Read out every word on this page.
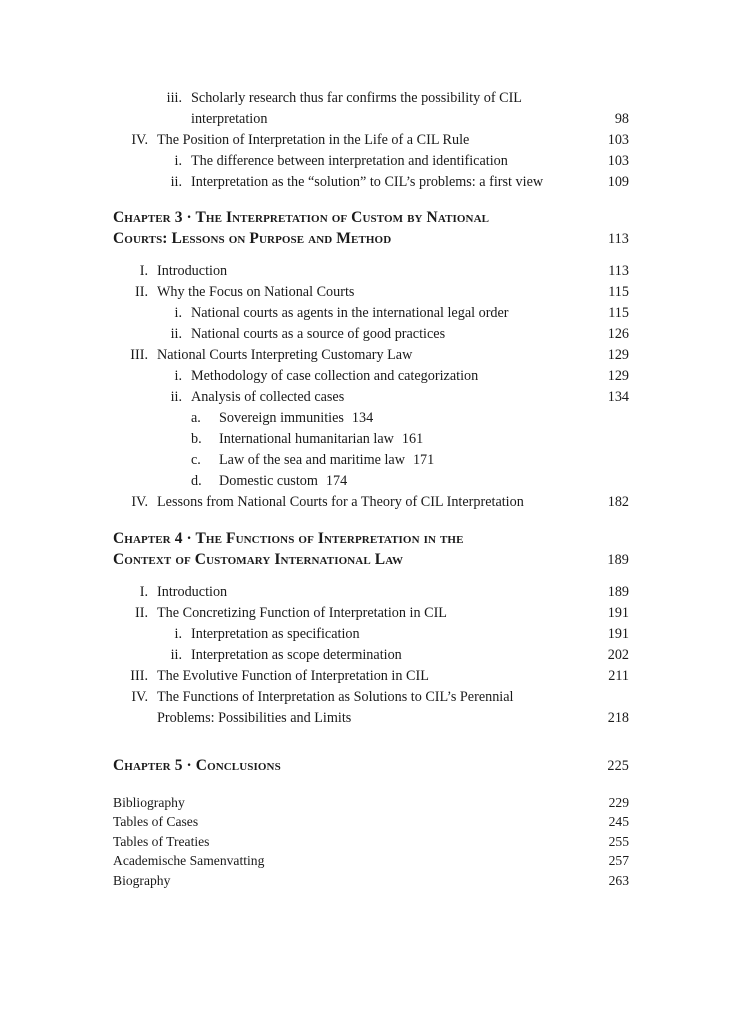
iii. Scholarly research thus far confirms the possibility of CIL
interpretation	98
IV. The Position of Interpretation in the Life of a CIL Rule	103
i. The difference between interpretation and identification	103
ii. Interpretation as the “solution” to CIL’s problems: a first view	109
Chapter 3 · The Interpretation of Custom by National
Courts: Lessons on Purpose and Method	113
I. Introduction	113
II. Why the Focus on National Courts	115
i. National courts as agents in the international legal order	115
ii. National courts as a source of good practices	126
III. National Courts Interpreting Customary Law	129
i. Methodology of case collection and categorization	129
ii. Analysis of collected cases	134
a. Sovereign immunities 134
b. International humanitarian law 161
c. Law of the sea and maritime law 171
d. Domestic custom 174
IV. Lessons from National Courts for a Theory of CIL Interpretation	182
Chapter 4 · The Functions of Interpretation in the
Context of Customary International Law	189
I. Introduction	189
II. The Concretizing Function of Interpretation in CIL	191
i. Interpretation as specification	191
ii. Interpretation as scope determination	202
III. The Evolutive Function of Interpretation in CIL	211
IV. The Functions of Interpretation as Solutions to CIL’s Perennial
Problems: Possibilities and Limits	218
Chapter 5 · Conclusions	225
Bibliography	229
Tables of Cases	245
Tables of Treaties	255
Academische Samenvatting	257
Biography	263
